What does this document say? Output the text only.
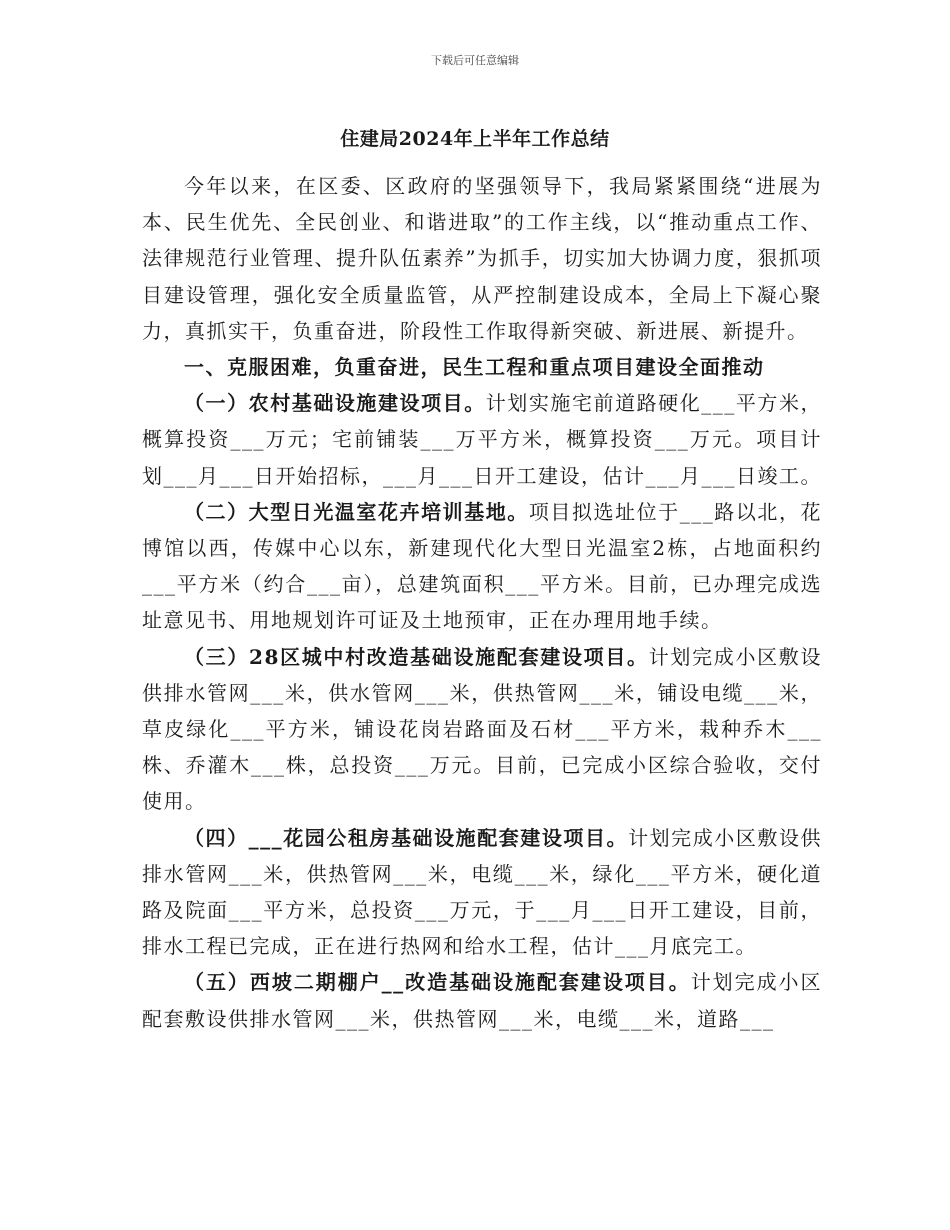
下载后可任意编辑
住建局2024年上半年工作总结

今年以来，在区委、区政府的坚强领导下，我局紧紧围绕“进展为本、民生优先、全民创业、和谐进取”的工作主线，以“推动重点工作、法律规范行业管理、提升队伍素养”为抓手，切实加大协调力度，狠抓项目建设管理，强化安全质量监管，从严控制建设成本，全局上下凝心聚力，真抓实干，负重奋进，阶段性工作取得新突破、新进展、新提升。

一、克服困难，负重奋进，民生工程和重点项目建设全面推动

（一）农村基础设施建设项目。计划实施宅前道路硬化___平方米，概算投资___万元；宅前铺装___万平方米，概算投资___万元。项目计划___月___日开始招标，___月___日开工建设，估计___月___日竣工。

（二）大型日光温室花卉培训基地。项目拟选址位于___路以北，花博馆以西，传媒中心以东，新建现代化大型日光温室2栋，占地面积约___平方米（约合___亩），总建筑面积___平方米。目前，已办理完成选址意见书、用地规划许可证及土地预审，正在办理用地手续。

（三）28区城中村改造基础设施配套建设项目。计划完成小区敷设供排水管网___米，供水管网___米，供热管网___米，铺设电缆___米，草皮绿化___平方米，铺设花岗岩路面及石材___平方米，栽种乔木___株、乔灌木___株，总投资___万元。目前，已完成小区综合验收，交付使用。

（四）___花园公租房基础设施配套建设项目。计划完成小区敷设供排水管网___米，供热管网___米，电缆___米，绿化___平方米，硬化道路及院面___平方米，总投资___万元，于___月___日开工建设，目前，排水工程已完成，正在进行热网和给水工程，估计___月底完工。

（五）西坡二期棚户__改造基础设施配套建设项目。计划完成小区配套敷设供排水管网___米，供热管网___米，电缆___米，道路___
